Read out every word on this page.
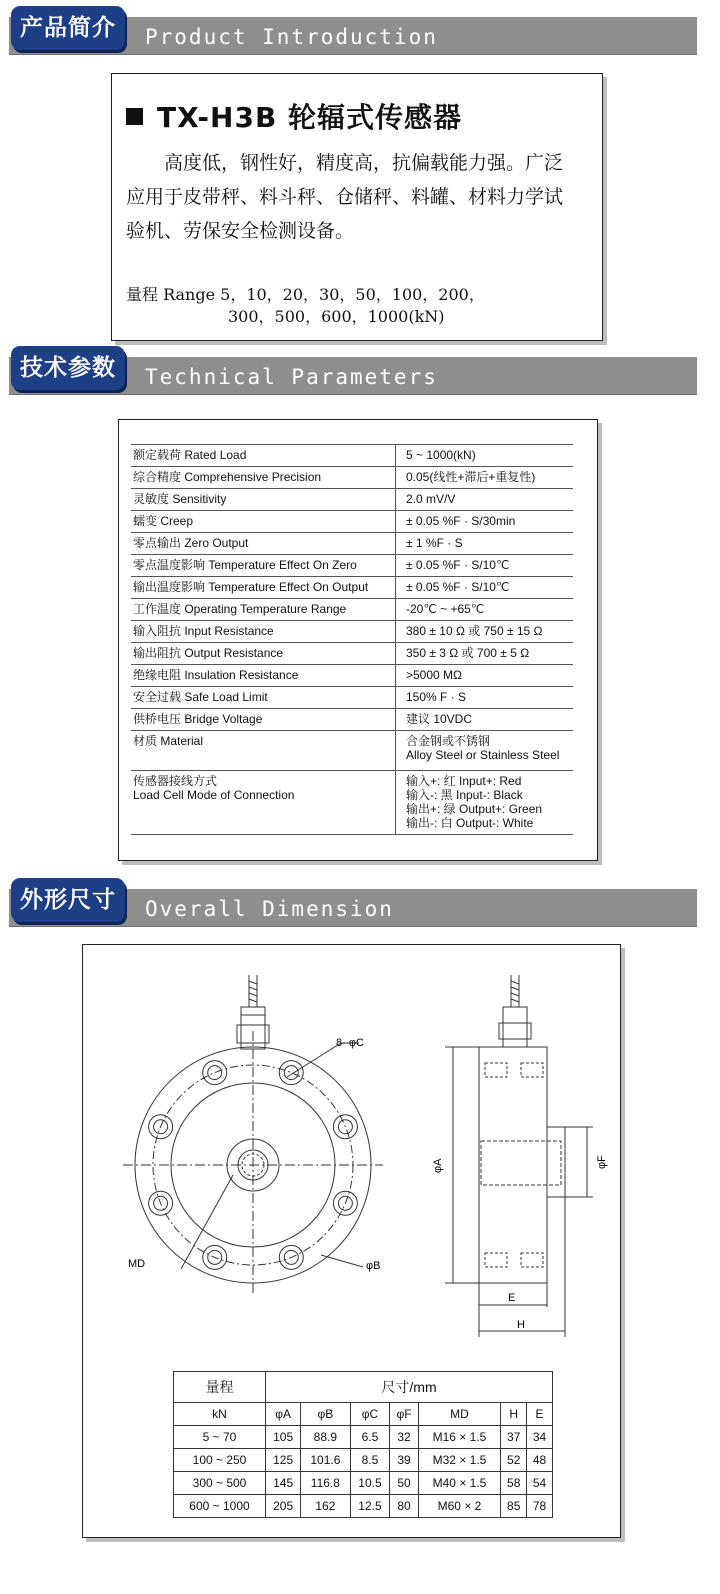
产品简介	Product Introduction
TX-H3B 轮辐式传感器
高度低，钢性好，精度高，抗偏载能力强。广泛应用于皮带秤、料斗秤、仓储秤、料罐、材料力学试验机、劳保安全检测设备。
量程 Range 5，10，20，30，50，100，200，
300，500，600，1000(kN)
技术参数	Technical Parameters
额定载荷 Rated Load	5 ~ 1000(kN)
综合精度 Comprehensive Precision	0.05(线性+滞后+重复性)
灵敏度 Sensitivity	2.0 mV/V
蠕变 Creep	± 0.05 %F · S/30min
零点输出 Zero Output	± 1 %F · S
零点温度影响 Temperature Effect On Zero	± 0.05 %F · S/10℃
输出温度影响 Temperature Effect On Output	± 0.05 %F · S/10℃
工作温度 Operating Temperature Range	-20℃ ~ +65℃
输入阻抗 Input Resistance	380 ± 10 Ω 或 750 ± 15 Ω
输出阻抗 Output Resistance	350 ± 3 Ω 或 700 ± 5 Ω
绝缘电阻 Insulation Resistance	>5000 MΩ
安全过载 Safe Load Limit	150% F · S
供桥电压 Bridge Voltage	建议 10VDC
材质 Material	合金钢或不锈钢
Alloy Steel or Stainless Steel
传感器接线方式
Load Cell Mode of Connection	输入+: 红 Input+: Red
输入-: 黑 Input-: Black
输出+: 绿 Output+: Green
输出-: 白 Output-: White
外形尺寸	Overall Dimension
8- φC
MD	φB
φA	φF
E
H
量程	尺寸/mm						
kN	φA	φB	φC	φF	MD	H	E
5 ~ 70	105	88.9	6.5	32	M16 × 1.5	37	34
100 ~ 250	125	101.6	8.5	39	M32 × 1.5	52	48
300 ~ 500	145	116.8	10.5	50	M40 × 1.5	58	54
600 ~ 1000	205	162	12.5	80	M60 × 2	85	78
